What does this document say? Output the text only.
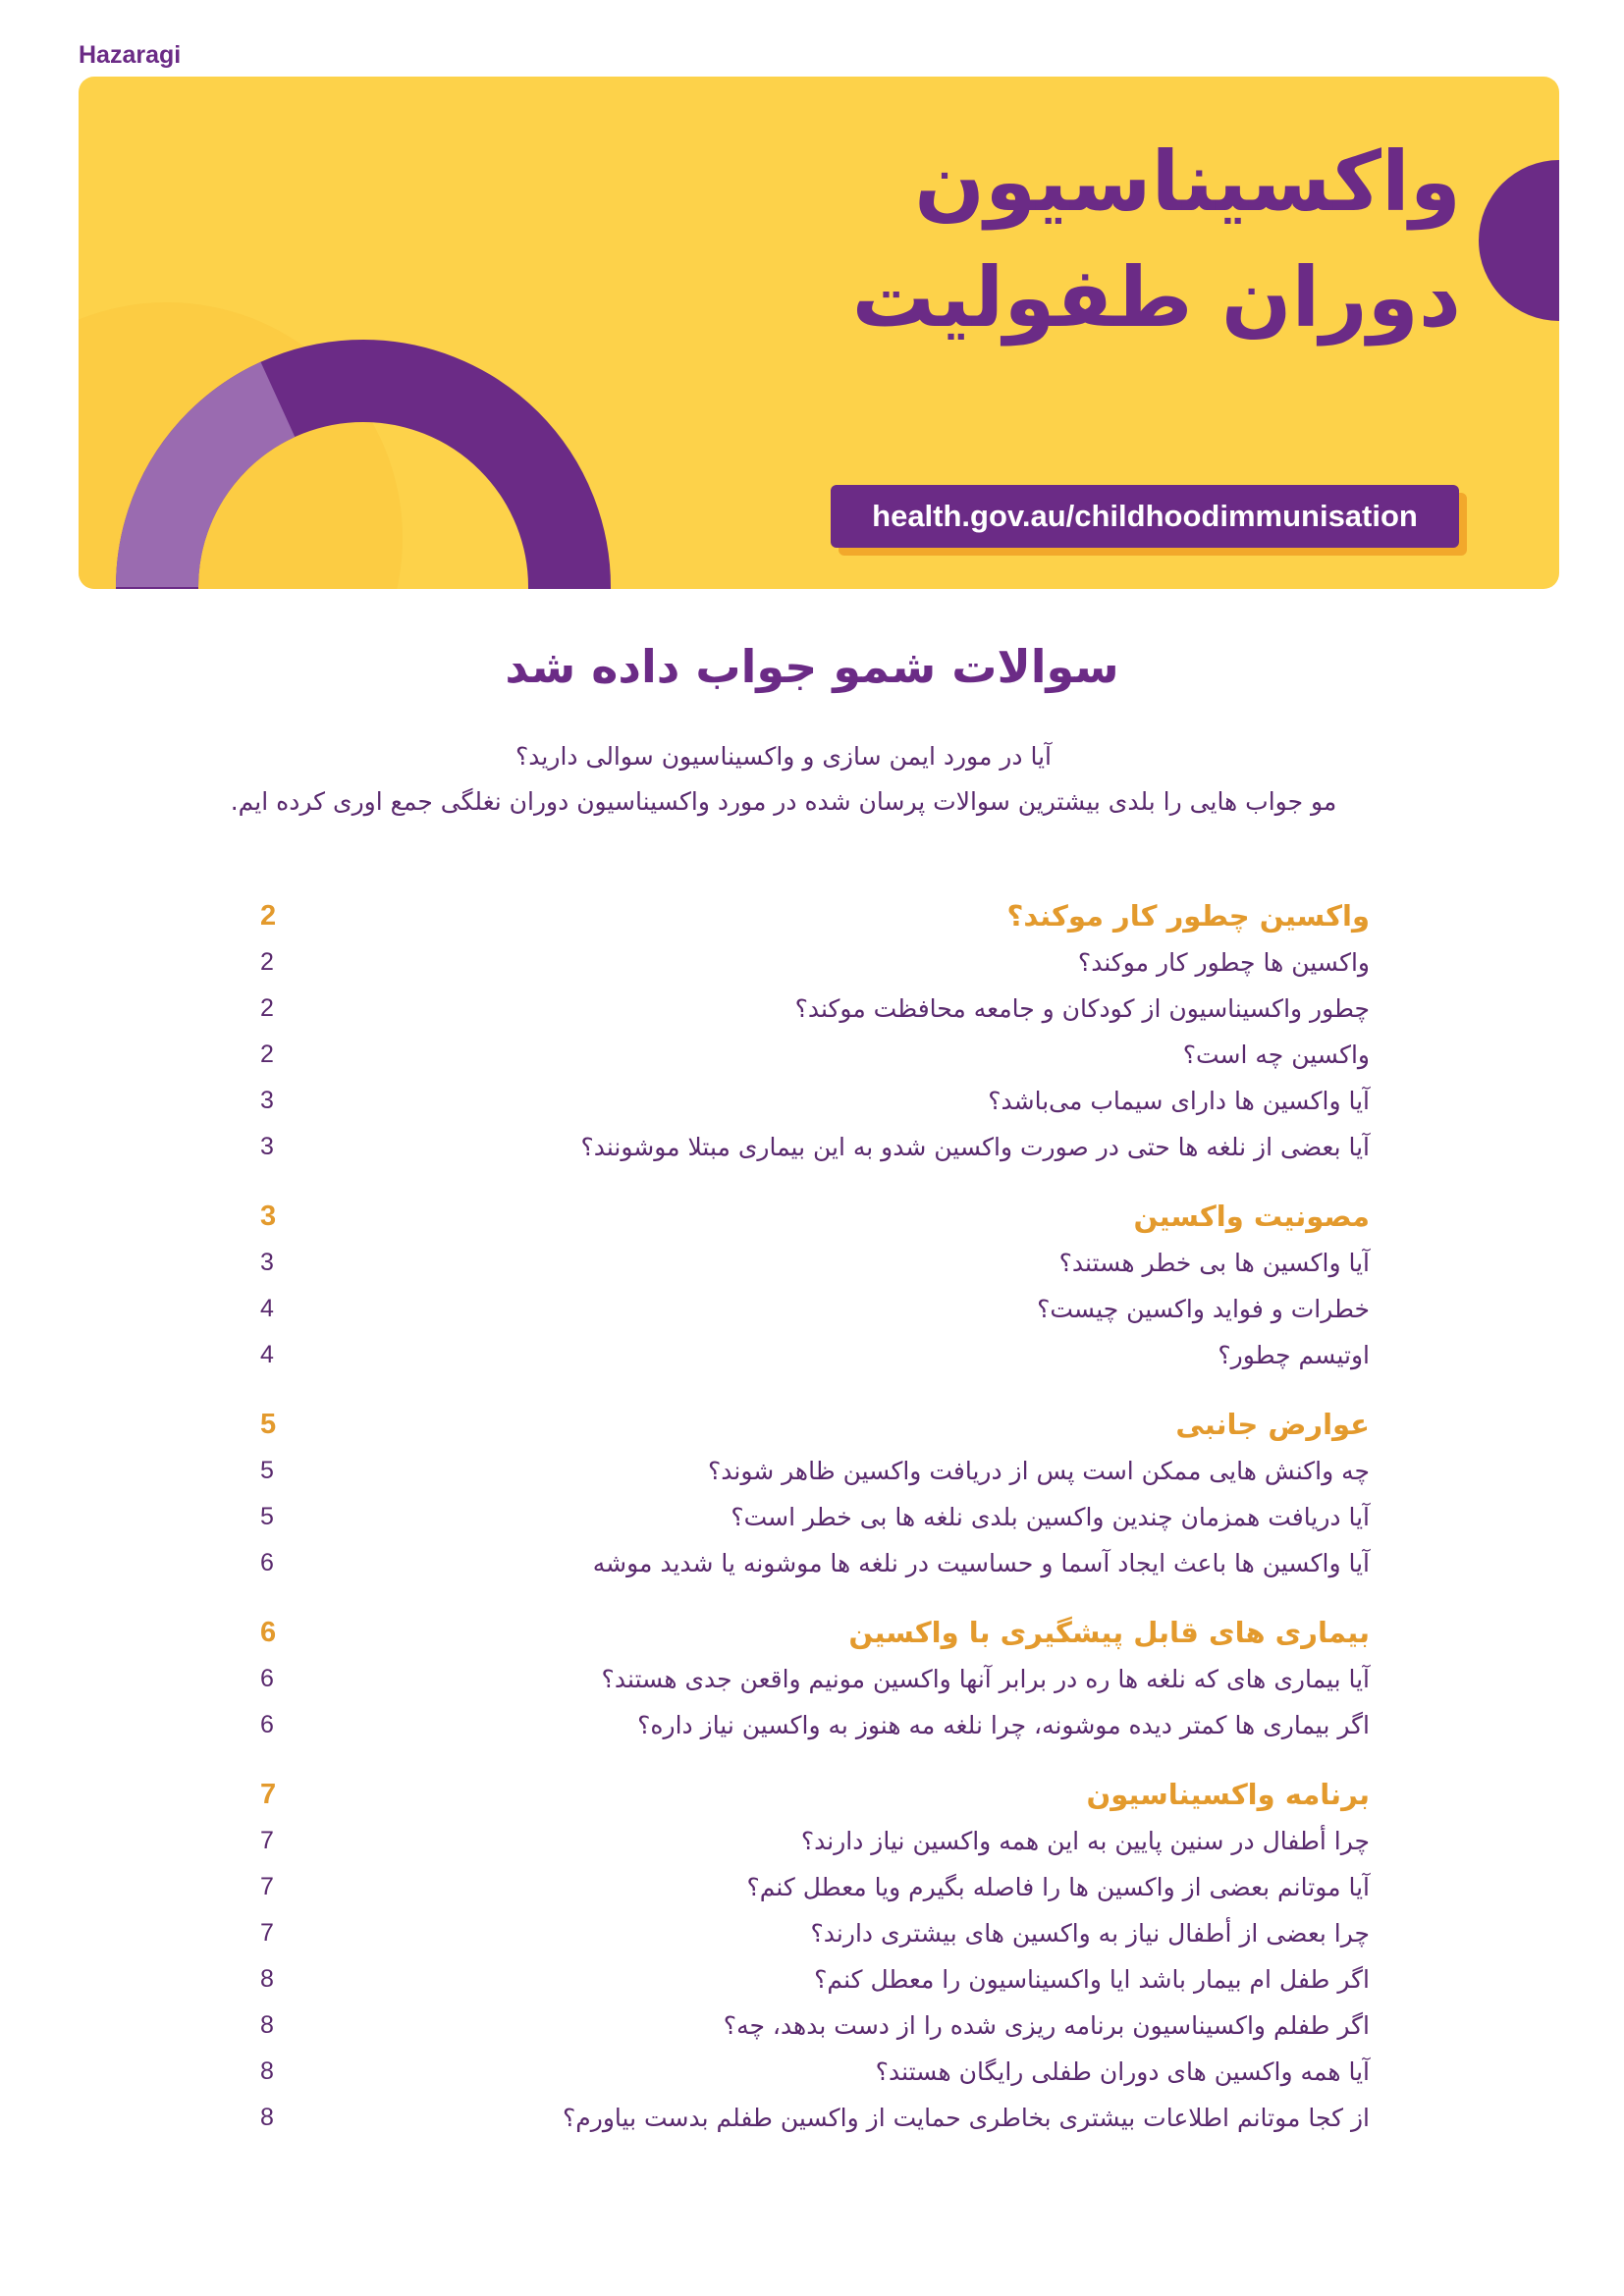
Hazaragi
واکسیناسیون
دوران طفولیت
health.gov.au/childhoodimmunisation
سوالات شمو جواب داده شد
آیا در مورد ایمن سازی و واکسیناسیون سوالی دارید؟
مو جواب هایی را بلدی بیشترین سوالات پرسان شده در مورد واکسیناسیون دوران نغلگی جمع اوری کرده ایم.
واکسین چطور کار موکند؟
2
واکسین ها چطور کار موکند؟
2
چطور واکسیناسیون از کودکان و جامعه محافظت موکند؟
2
واکسین چه است؟
2
آیا واکسین ها دارای سیماب می‌باشد؟
3
آیا بعضی از نلغه ها حتی در صورت واکسین شدو به این بیماری مبتلا موشونند؟
3
مصونیت واکسین
3
آیا واکسین ها بی خطر هستند؟
3
خطرات و فواید واکسین چیست؟
4
اوتیسم چطور؟
4
عوارض جانبی
5
چه واکنش هایی ممکن است پس از دریافت واکسین ظاهر شوند؟
5
آیا دریافت همزمان چندین واکسین بلدی نلغه ها بی خطر است؟
5
آیا واکسین ها باعث ایجاد آسما و حساسیت در نلغه ها موشونه یا شدید موشه
6
بیماری های قابل پیشگیری با واکسین
6
آیا بیماری های که نلغه ها ره در برابر آنها واکسین مونیم واقعن جدی هستند؟
6
اگر بیماری ها کمتر دیده موشونه، چرا نلغه مه هنوز به واکسین نیاز داره؟
6
برنامه واکسیناسیون
7
چرا أطفال در سنین پایین به این همه واکسین نیاز دارند؟
7
آیا موتانم بعضی از واکسین ها را فاصله بگیرم ویا معطل کنم؟
7
چرا بعضی از أطفال نیاز به واکسین های بیشتری دارند؟
7
اگر طفل ام بیمار باشد ایا واکسیناسیون را معطل کنم؟
8
اگر طفلم واکسیناسیون برنامه ریزی شده را از دست بدهد، چه؟
8
آیا همه واکسین های دوران طفلی رایگان هستند؟
8
از کجا موتانم اطلاعات بیشتری بخاطری حمایت از واکسین طفلم بدست بیاورم؟
8
